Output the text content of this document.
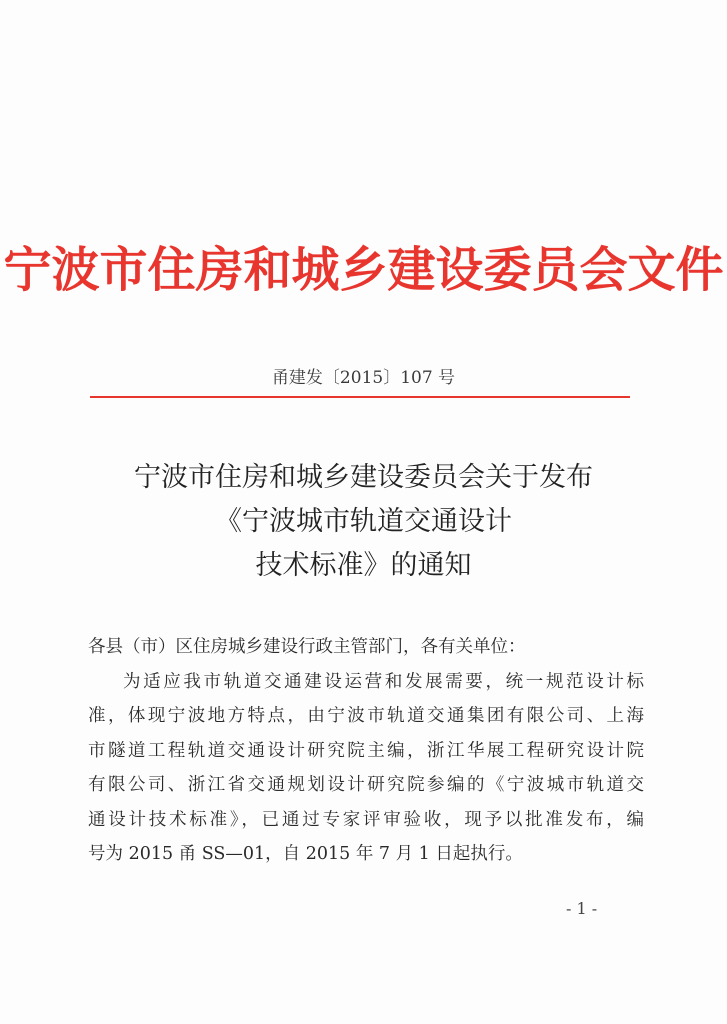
宁波市住房和城乡建设委员会文件
甬建发〔2015〕107 号
宁波市住房和城乡建设委员会关于发布
《宁波城市轨道交通设计
技术标准》的通知
各县（市）区住房城乡建设行政主管部门，各有关单位：
为适应我市轨道交通建设运营和发展需要，统一规范设计标
准，体现宁波地方特点，由宁波市轨道交通集团有限公司、上海
市隧道工程轨道交通设计研究院主编，浙江华展工程研究设计院
有限公司、浙江省交通规划设计研究院参编的《宁波城市轨道交
通设计技术标准》，已通过专家评审验收，现予以批准发布，编
号为 2015 甬 SS—01，自 2015 年 7 月 1 日起执行。
- 1 -
